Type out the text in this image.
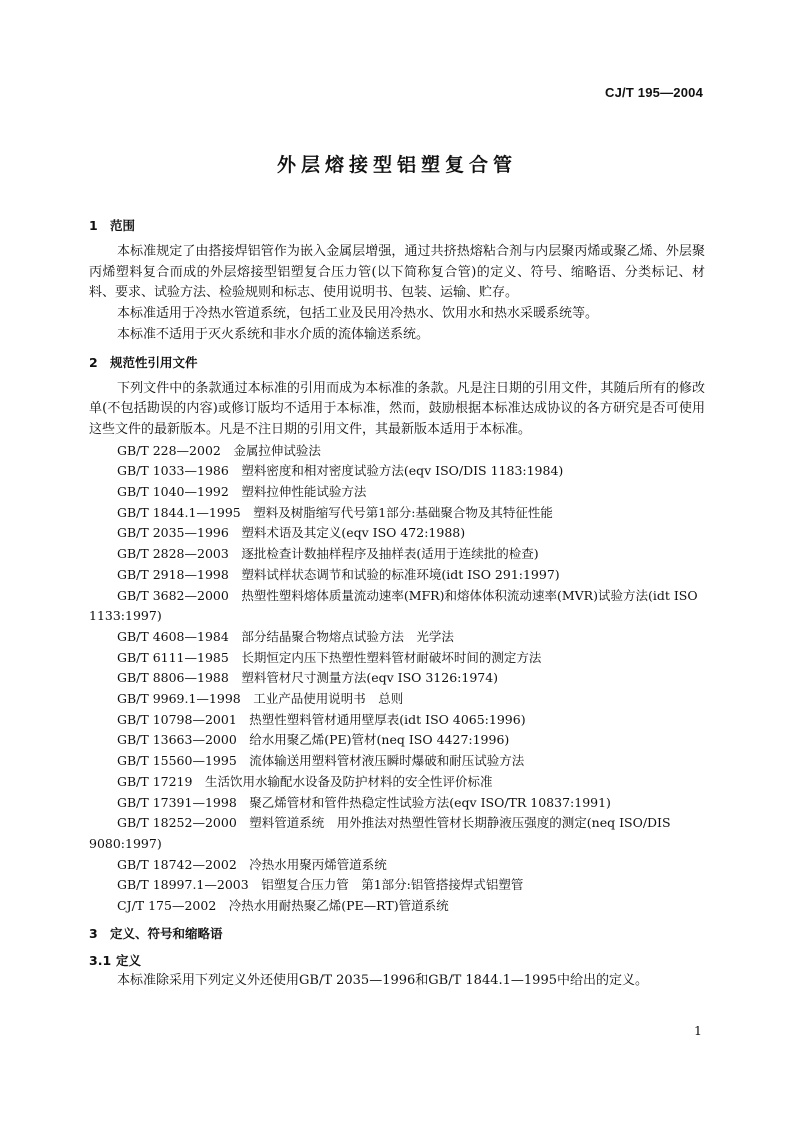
CJ/T 195—2004
外层熔接型铝塑复合管
1 范围

本标准规定了由搭接焊铝管作为嵌入金属层增强，通过共挤热熔粘合剂与内层聚丙烯或聚乙烯、外层聚丙烯塑料复合而成的外层熔接型铝塑复合压力管(以下简称复合管)的定义、符号、缩略语、分类标记、材料、要求、试验方法、检验规则和标志、使用说明书、包装、运输、贮存。

本标准适用于冷热水管道系统，包括工业及民用冷热水、饮用水和热水采暖系统等。

本标准不适用于灭火系统和非水介质的流体输送系统。

2 规范性引用文件

下列文件中的条款通过本标准的引用而成为本标准的条款。凡是注日期的引用文件，其随后所有的修改单(不包括勘误的内容)或修订版均不适用于本标准，然而，鼓励根据本标准达成协议的各方研究是否可使用这些文件的最新版本。凡是不注日期的引用文件，其最新版本适用于本标准。

GB/T 228—2002　金属拉伸试验法
GB/T 1033—1986　塑料密度和相对密度试验方法(eqv ISO/DIS 1183:1984)
GB/T 1040—1992　塑料拉伸性能试验方法
GB/T 1844.1—1995　塑料及树脂缩写代号第1部分:基础聚合物及其特征性能
GB/T 2035—1996　塑料术语及其定义(eqv ISO 472:1988)
GB/T 2828—2003　逐批检查计数抽样程序及抽样表(适用于连续批的检查)
GB/T 2918—1998　塑料试样状态调节和试验的标准环境(idt ISO 291:1997)
GB/T 3682—2000　热塑性塑料熔体质量流动速率(MFR)和熔体体积流动速率(MVR)试验方法(idt ISO 1133:1997)
GB/T 4608—1984　部分结晶聚合物熔点试验方法　光学法
GB/T 6111—1985　长期恒定内压下热塑性塑料管材耐破坏时间的测定方法
GB/T 8806—1988　塑料管材尺寸测量方法(eqv ISO 3126:1974)
GB/T 9969.1—1998　工业产品使用说明书　总则
GB/T 10798—2001　热塑性塑料管材通用壁厚表(idt ISO 4065:1996)
GB/T 13663—2000　给水用聚乙烯(PE)管材(neq ISO 4427:1996)
GB/T 15560—1995　流体输送用塑料管材液压瞬时爆破和耐压试验方法
GB/T 17219　生活饮用水输配水设备及防护材料的安全性评价标准
GB/T 17391—1998　聚乙烯管材和管件热稳定性试验方法(eqv ISO/TR 10837:1991)
GB/T 18252—2000　塑料管道系统　用外推法对热塑性管材长期静液压强度的测定(neq ISO/DIS 9080:1997)
GB/T 18742—2002　冷热水用聚丙烯管道系统
GB/T 18997.1—2003　铝塑复合压力管　第1部分:铝管搭接焊式铝塑管
CJ/T 175—2002　冷热水用耐热聚乙烯(PE—RT)管道系统
3 定义、符号和缩略语
3.1 定义

本标准除采用下列定义外还使用GB/T 2035—1996和GB/T 1844.1—1995中给出的定义。

1
